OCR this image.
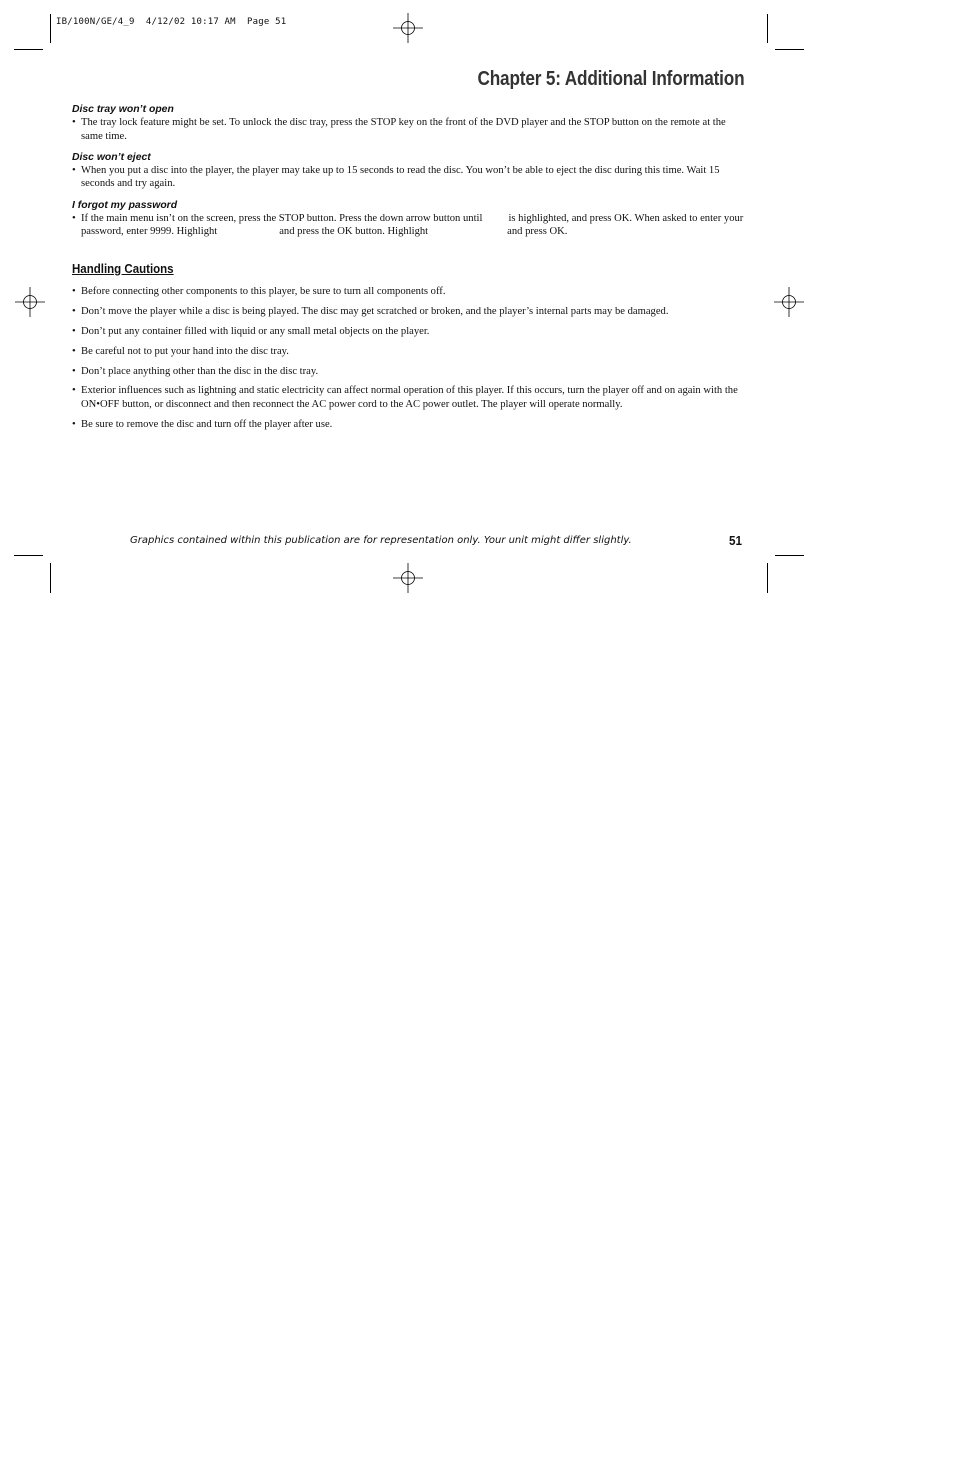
IB/100N/GE/4_9  4/12/02 10:17 AM  Page 51
Chapter 5: Additional Information

Disc tray won’t open

• The tray lock feature might be set. To unlock the disc tray, press the STOP key on the front of the DVD player and the STOP button on the remote at the same time.

Disc won’t eject

• When you put a disc into the player, the player may take up to 15 seconds to read the disc. You won’t be able to eject the disc during this time. Wait 15 seconds and try again.

I forgot my password

• If the main menu isn’t on the screen, press the STOP button. Press the down arrow button until is highlighted, and press OK. When asked to enter your password, enter 9999. Highlight	and press the OK button. Highlight	and press OK.
Handling Cautions
• Before connecting other components to this player, be sure to turn all components off.
• Don’t move the player while a disc is being played. The disc may get scratched or broken, and the player’s internal parts may be damaged.
• Don’t put any container filled with liquid or any small metal objects on the player.
• Be careful not to put your hand into the disc tray.
• Don’t place anything other than the disc in the disc tray.
• Exterior influences such as lightning and static electricity can affect normal operation of this player. If this occurs, turn the player off and on again with the ON•OFF button, or disconnect and then reconnect the AC power cord to the AC power outlet. The player will operate normally.
• Be sure to remove the disc and turn off the player after use.
Graphics contained within this publication are for representation only. Your unit might differ slightly.	51
